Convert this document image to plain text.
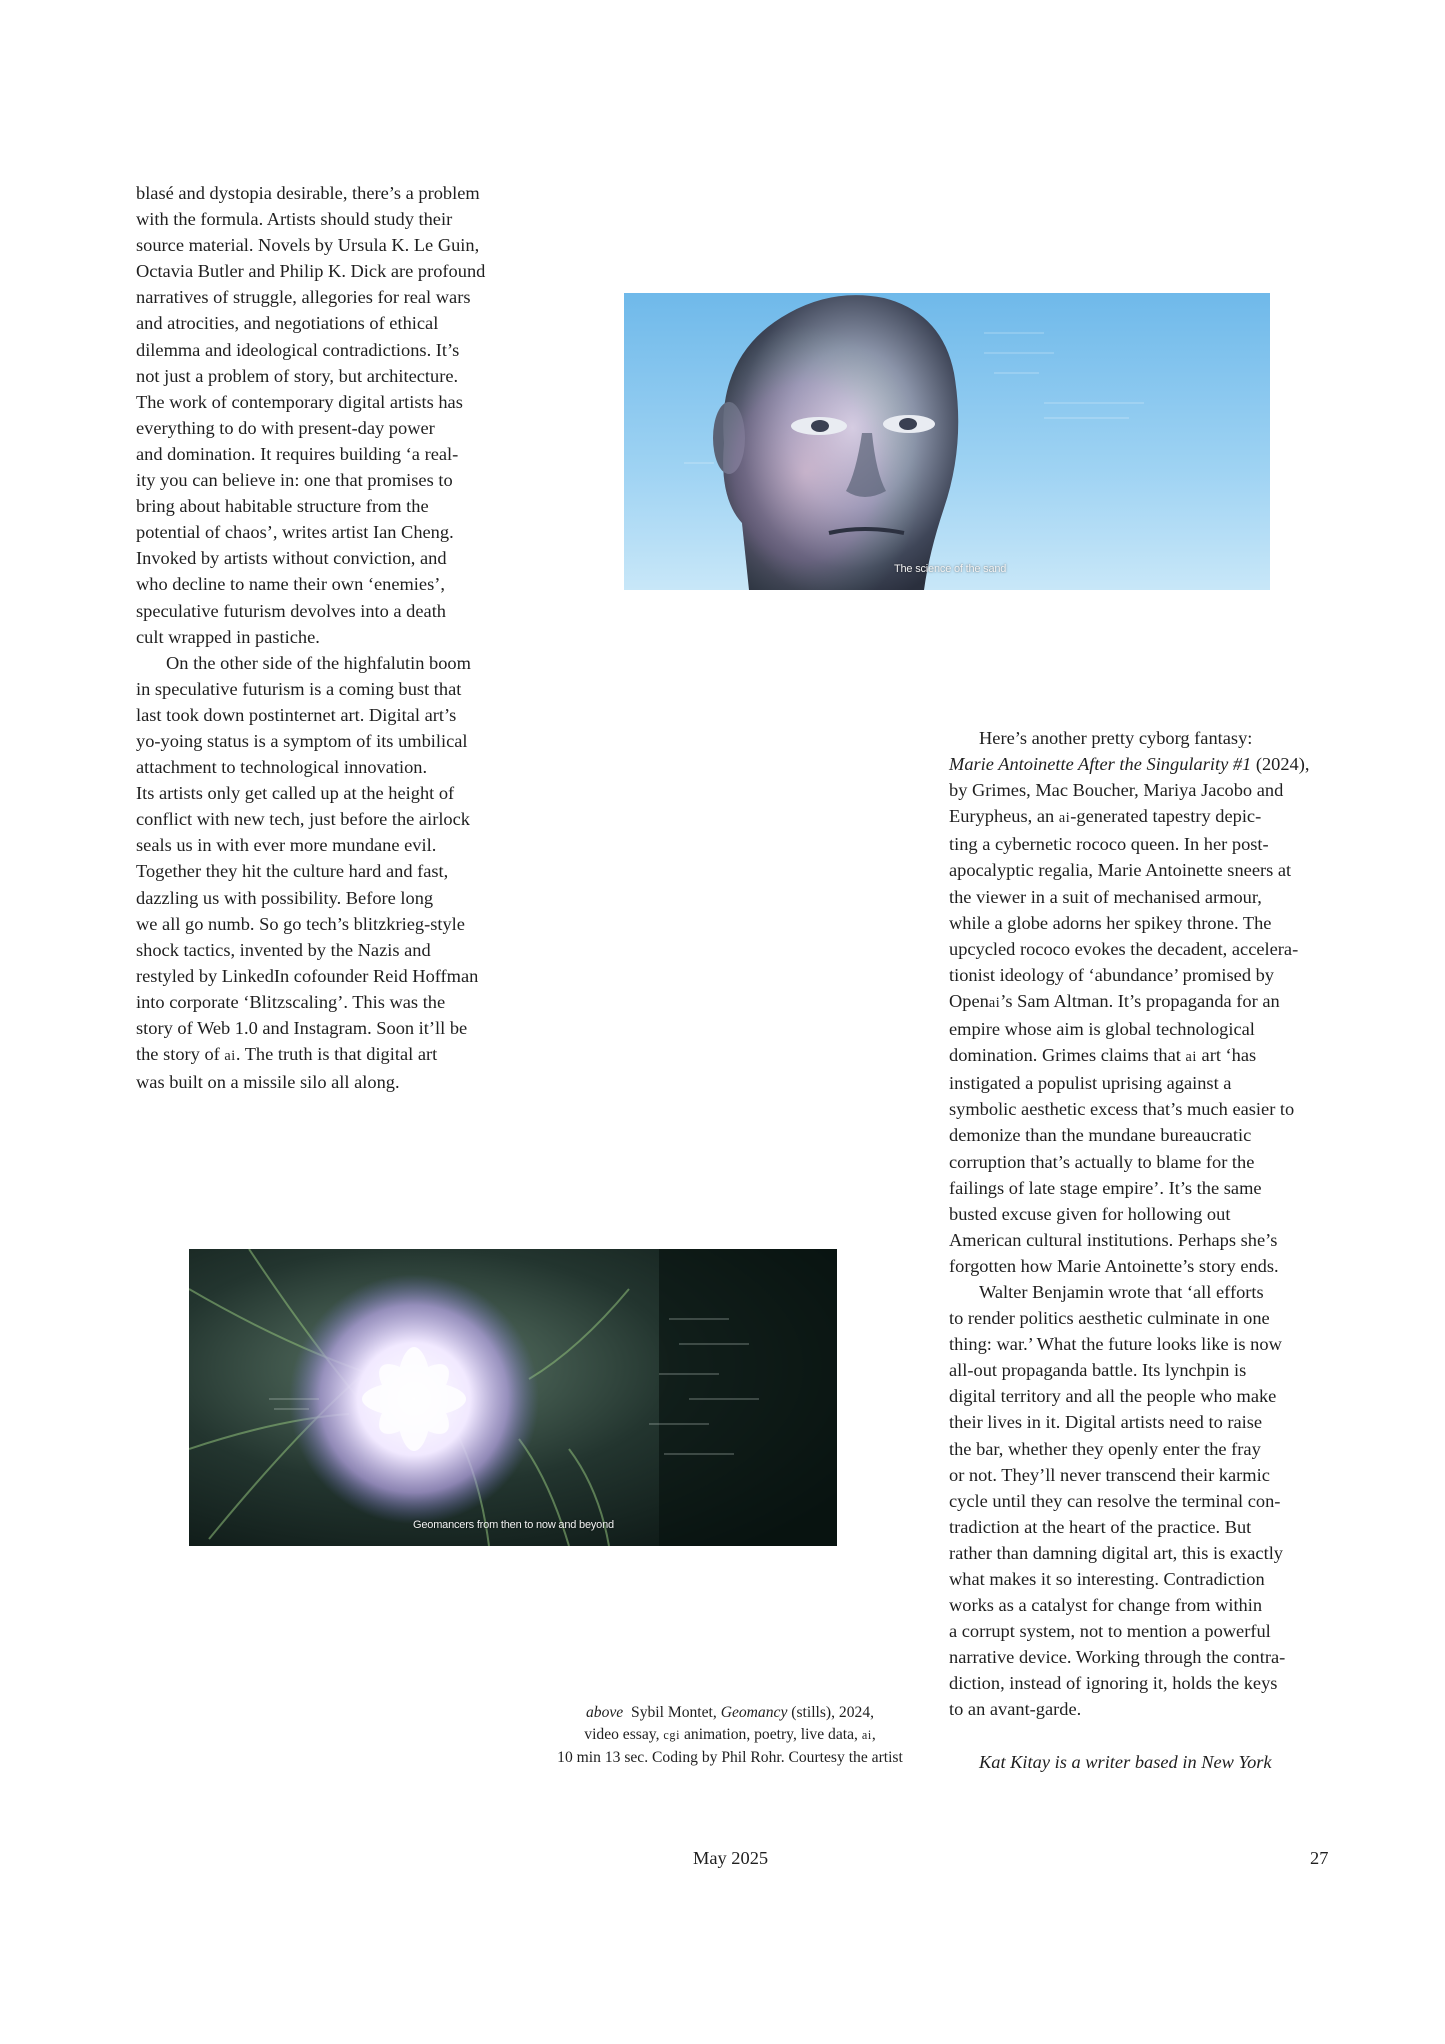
blasé and dystopia desirable, there’s a problem
with the formula. Artists should study their
source material. Novels by Ursula K. Le Guin,
Octavia Butler and Philip K. Dick are profound
narratives of struggle, allegories for real wars
and atrocities, and negotiations of ethical
dilemma and ideological contradictions. It’s
not just a problem of story, but architecture.
The work of contemporary digital artists has
everything to do with present-day power
and domination. It requires building ‘a real-
ity you can believe in: one that promises to
bring about habitable structure from the
potential of chaos’, writes artist Ian Cheng.
Invoked by artists without conviction, and
who decline to name their own ‘enemies’,
speculative futurism devolves into a death
cult wrapped in pastiche.

On the other side of the highfalutin boom
in speculative futurism is a coming bust that
last took down postinternet art. Digital art’s
yo-yoing status is a symptom of its umbilical
attachment to technological innovation.
Its artists only get called up at the height of
conflict with new tech, just before the airlock
seals us in with ever more mundane evil.
Together they hit the culture hard and fast,
dazzling us with possibility. Before long
we all go numb. So go tech’s blitzkrieg-style
shock tactics, invented by the Nazis and
restyled by LinkedIn cofounder Reid Hoffman
into corporate ‘Blitzscaling’. This was the
story of Web 1.0 and Instagram. Soon it’ll be
the story of ai. The truth is that digital art
was built on a missile silo all along.

The science of the sand
Geomancers from then to now and beyond

Here’s another pretty cyborg fantasy:
Marie Antoinette After the Singularity #1 (2024),
by Grimes, Mac Boucher, Mariya Jacobo and
Eurypheus, an ai-generated tapestry depic-
ting a cybernetic rococo queen. In her post-
apocalyptic regalia, Marie Antoinette sneers at
the viewer in a suit of mechanised armour,
while a globe adorns her spikey throne. The
upcycled rococo evokes the decadent, accelera-
tionist ideology of ‘abundance’ promised by
Openai’s Sam Altman. It’s propaganda for an
empire whose aim is global technological
domination. Grimes claims that ai art ‘has
instigated a populist uprising against a
symbolic aesthetic excess that’s much easier to
demonize than the mundane bureaucratic
corruption that’s actually to blame for the
failings of late stage empire’. It’s the same
busted excuse given for hollowing out
American cultural institutions. Perhaps she’s
forgotten how Marie Antoinette’s story ends.

Walter Benjamin wrote that ‘all efforts
to render politics aesthetic culminate in one
thing: war.’ What the future looks like is now
all-out propaganda battle. Its lynchpin is
digital territory and all the people who make
their lives in it. Digital artists need to raise
the bar, whether they openly enter the fray
or not. They’ll never transcend their karmic
cycle until they can resolve the terminal con-
tradiction at the heart of the practice. But
rather than damning digital art, this is exactly
what makes it so interesting. Contradiction
works as a catalyst for change from within
a corrupt system, not to mention a powerful
narrative device. Working through the contra-
diction, instead of ignoring it, holds the keys
to an avant-garde.

Kat Kitay is a writer based in New York

above Sybil Montet, Geomancy (stills), 2024,
video essay, cgi animation, poetry, live data, ai,
10 min 13 sec. Coding by Phil Rohr. Courtesy the artist
May 2025	27
